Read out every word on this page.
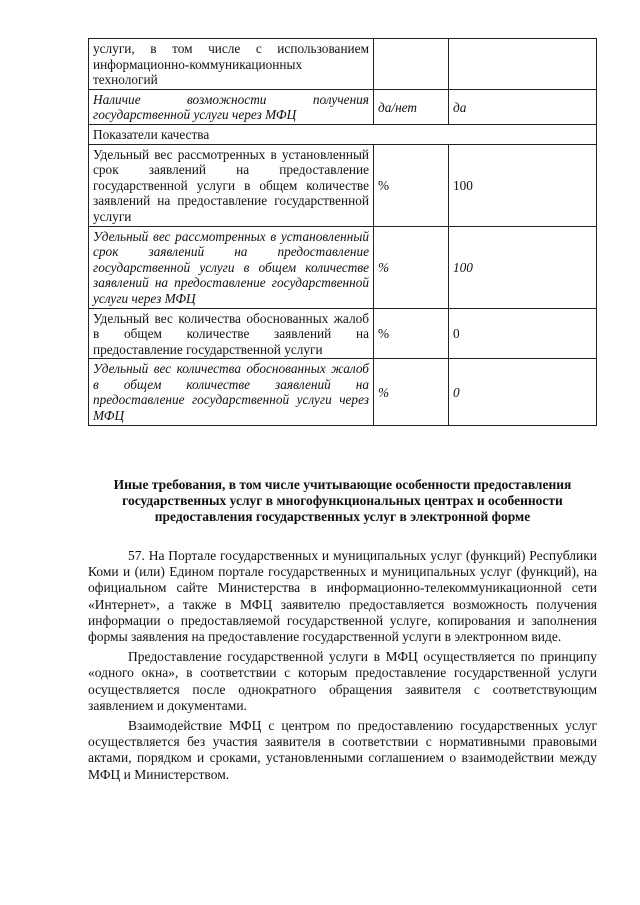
услуги, в том числе с использованием информационно-коммуникационных технологий		
Наличие возможности получения государственной услуги через МФЦ	да/нет	да
Показатели качества		
Удельный вес рассмотренных в установленный срок заявлений на предоставление государственной услуги в общем количестве заявлений на предоставление государственной услуги	%	100
Удельный вес рассмотренных в установленный срок заявлений на предоставление государственной услуги в общем количестве заявлений на предоставление государственной услуги через МФЦ	%	100
Удельный вес количества обоснованных жалоб в общем количестве заявлений на предоставление государственной услуги	%	0
Удельный вес количества обоснованных жалоб в общем количестве заявлений на предоставление государственной услуги через МФЦ	%	0
Иные требования, в том числе учитывающие особенности предоставления государственных услуг в многофункциональных центрах и особенности предоставления государственных услуг в электронной форме

57. На Портале государственных и муниципальных услуг (функций) Республики Коми и (или) Едином портале государственных и муниципальных услуг (функций), на официальном сайте Министерства в информационно-телекоммуникационной сети «Интернет», а также в МФЦ заявителю предоставляется возможность получения информации о предоставляемой государственной услуге, копирования и заполнения формы заявления на предоставление государственной услуги в электронном виде.

Предоставление государственной услуги в МФЦ осуществляется по принципу «одного окна», в соответствии с которым предоставление государственной услуги осуществляется после однократного обращения заявителя с соответствующим заявлением и документами.

Взаимодействие МФЦ с центром по предоставлению государственных услуг осуществляется без участия заявителя в соответствии с нормативными правовыми актами, порядком и сроками, установленными соглашением о взаимодействии между МФЦ и Министерством.
